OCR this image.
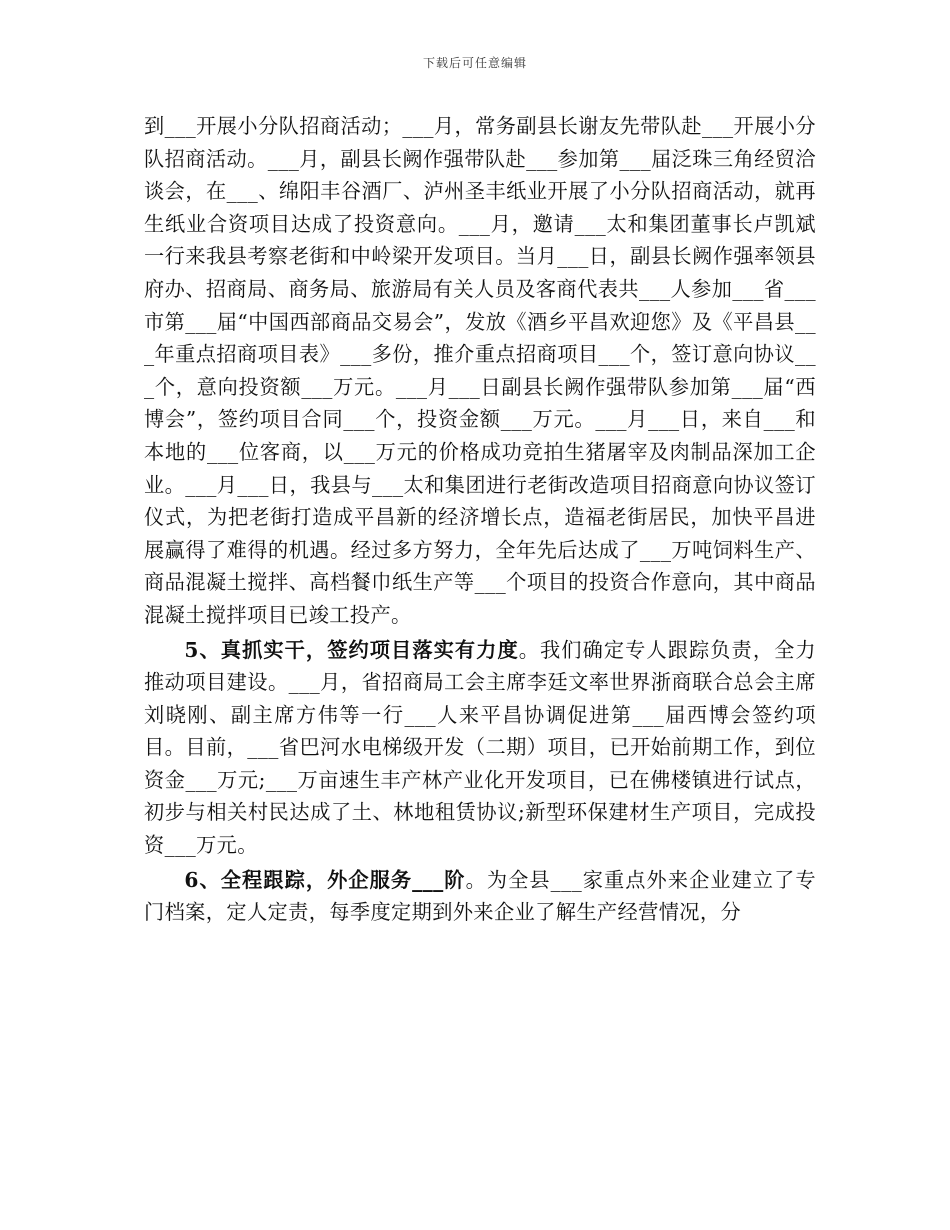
下载后可任意编辑

到___开展小分队招商活动；___月，常务副县长谢友先带队赴___开展小分队招商活动。___月，副县长阙作强带队赴___参加第___届泛珠三角经贸洽谈会，在___、绵阳丰谷酒厂、泸州圣丰纸业开展了小分队招商活动，就再生纸业合资项目达成了投资意向。___月，邀请___太和集团董事长卢凯斌一行来我县考察老街和中岭梁开发项目。当月___日，副县长阙作强率领县府办、招商局、商务局、旅游局有关人员及客商代表共___人参加___省___市第___届“中国西部商品交易会”，发放《酒乡平昌欢迎您》及《平昌县___年重点招商项目表》___多份，推介重点招商项目___个，签订意向协议___个，意向投资额___万元。___月___日副县长阙作强带队参加第___届“西博会”，签约项目合同___个，投资金额___万元。___月___日，来自___和本地的___位客商，以___万元的价格成功竞拍生猪屠宰及肉制品深加工企业。___月___日，我县与___太和集团进行老街改造项目招商意向协议签订仪式，为把老街打造成平昌新的经济增长点，造福老街居民，加快平昌进展赢得了难得的机遇。经过多方努力，全年先后达成了___万吨饲料生产、商品混凝土搅拌、高档餐巾纸生产等___个项目的投资合作意向，其中商品混凝土搅拌项目已竣工投产。

5、真抓实干，签约项目落实有力度。我们确定专人跟踪负责，全力推动项目建设。___月，省招商局工会主席李廷文率世界浙商联合总会主席刘晓刚、副主席方伟等一行___人来平昌协调促进第___届西博会签约项目。目前，___省巴河水电梯级开发（二期）项目，已开始前期工作，到位资金___万元;___万亩速生丰产林产业化开发项目，已在佛楼镇进行试点，初步与相关村民达成了土、林地租赁协议;新型环保建材生产项目，完成投资___万元。

6、全程跟踪，外企服务___阶。为全县___家重点外来企业建立了专门档案，定人定责，每季度定期到外来企业了解生产经营情况，分
